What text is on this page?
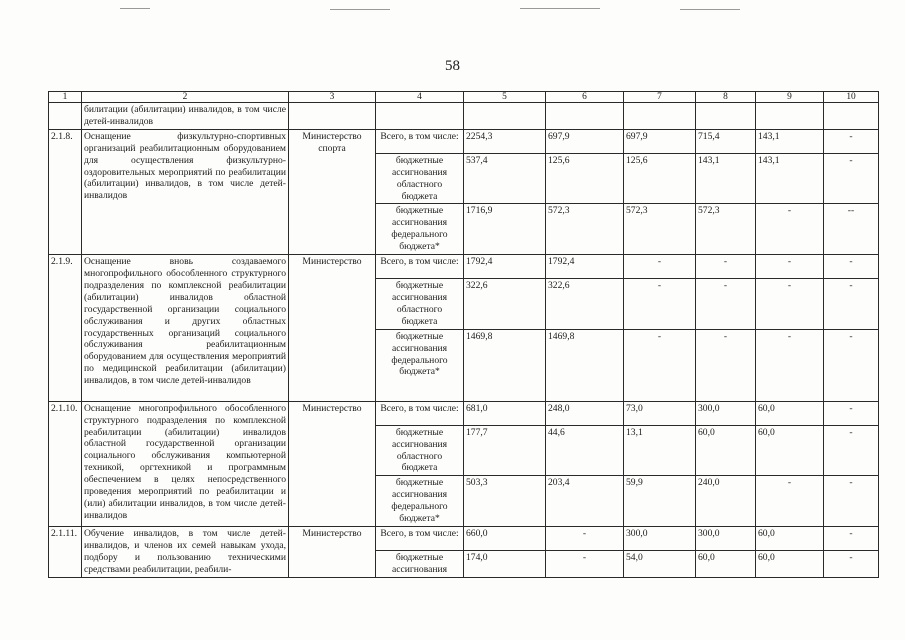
58
1	2	3	4	5	6	7	8	9	10
	билитации (абилитации) инвалидов, в том числе детей-инвалидов								
2.1.8.	Оснащение физкультурно-спортивных организаций реабилитационным оборудованием для осуществления физкультурно-оздоровительных мероприятий по реабилитации (абилитации) инвалидов, в том числе детей-инвалидов	Министерство спорта	Всего, в том числе:	2254,3	697,9	697,9	715,4	143,1	-
			бюджетные ассигнования областного бюджета	537,4	125,6	125,6	143,1	143,1	-
			бюджетные ассигнования федерального бюджета*	1716,9	572,3	572,3	572,3	-	--
2.1.9.	Оснащение вновь создаваемого многопрофильного обособленного структурного подразделения по комплексной реабилитации (абилитации) инвалидов областной государственной организации социального обслуживания и других областных государственных организаций социального обслуживания реабилитационным оборудованием для осуществления мероприятий по медицинской реабилитации (абилитации) инвалидов, в том числе детей-инвалидов	Министерство	Всего, в том числе:	1792,4	1792,4	-	-	-	-
			бюджетные ассигнования областного бюджета	322,6	322,6	-	-	-	-
			бюджетные ассигнования федерального бюджета*	1469,8	1469,8	-	-	-	-
2.1.10.	Оснащение многопрофильного обособленного структурного подразделения по комплексной реабилитации (абилитации) инвалидов областной государственной организации социального обслуживания компьютерной техникой, оргтехникой и программным обеспечением в целях непосредственного проведения мероприятий по реабилитации и (или) абилитации инвалидов, в том числе детей-инвалидов	Министерство	Всего, в том числе:	681,0	248,0	73,0	300,0	60,0	-
			бюджетные ассигнования областного бюджета	177,7	44,6	13,1	60,0	60,0	-
			бюджетные ассигнования федерального бюджета*	503,3	203,4	59,9	240,0	-	-
2.1.11.	Обучение инвалидов, в том числе детей-инвалидов, и членов их семей навыкам ухода, подбору и пользованию техническими средствами реабилитации, реабили-	Министерство	Всего, в том числе:	660,0	-	300,0	300,0	60,0	-
			бюджетные ассигнования	174,0	-	54,0	60,0	60,0	-
